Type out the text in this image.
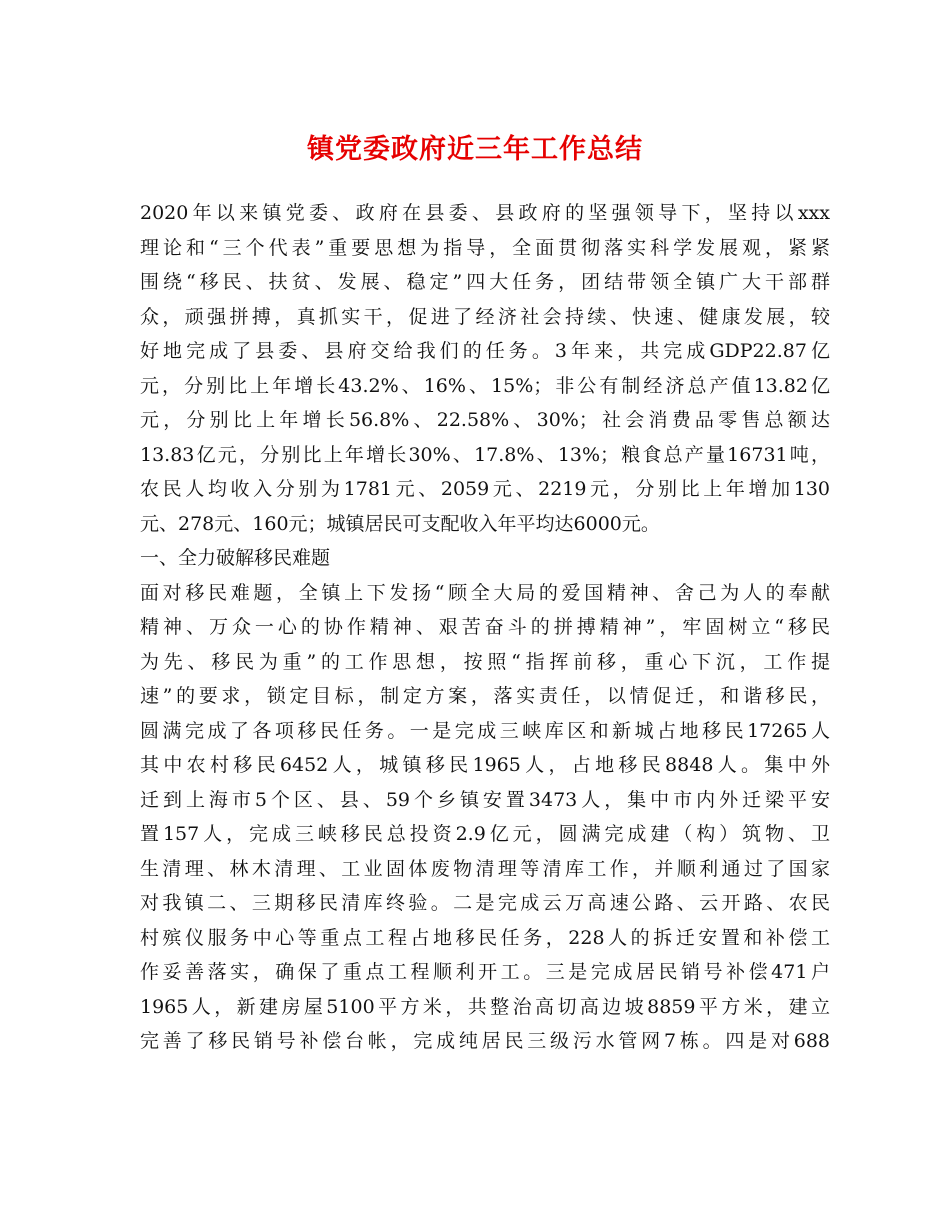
镇党委政府近三年工作总结
2020年以来镇党委、政府在县委、县政府的坚强领导下，坚持以xxx
理论和“三个代表”重要思想为指导，全面贯彻落实科学发展观，紧紧
围绕“移民、扶贫、发展、稳定”四大任务，团结带领全镇广大干部群
众，顽强拼搏，真抓实干，促进了经济社会持续、快速、健康发展，较
好地完成了县委、县府交给我们的任务。3年来，共完成GDP22.87亿
元，分别比上年增长43.2%、16%、15%；非公有制经济总产值13.82亿
元，分别比上年增长56.8%、22.58%、30%；社会消费品零售总额达
13.83亿元，分别比上年增长30%、17.8%、13%；粮食总产量16731吨，
农民人均收入分别为1781元、2059元、2219元，分别比上年增加130
元、278元、160元；城镇居民可支配收入年平均达6000元。
一、全力破解移民难题
面对移民难题，全镇上下发扬“顾全大局的爱国精神、舍己为人的奉献
精神、万众一心的协作精神、艰苦奋斗的拼搏精神”，牢固树立“移民
为先、移民为重”的工作思想，按照“指挥前移，重心下沉，工作提
速”的要求，锁定目标，制定方案，落实责任，以情促迁，和谐移民，
圆满完成了各项移民任务。一是完成三峡库区和新城占地移民17265人
其中农村移民6452人，城镇移民1965人，占地移民8848人。集中外
迁到上海市5个区、县、59个乡镇安置3473人，集中市内外迁梁平安
置157人，完成三峡移民总投资2.9亿元，圆满完成建（构）筑物、卫
生清理、林木清理、工业固体废物清理等清库工作，并顺利通过了国家
对我镇二、三期移民清库终验。二是完成云万高速公路、云开路、农民
村殡仪服务中心等重点工程占地移民任务，228人的拆迁安置和补偿工
作妥善落实，确保了重点工程顺利开工。三是完成居民销号补偿471户
1965人，新建房屋5100平方米，共整治高切高边坡8859平方米，建立
完善了移民销号补偿台帐，完成纯居民三级污水管网7栋。四是对688
